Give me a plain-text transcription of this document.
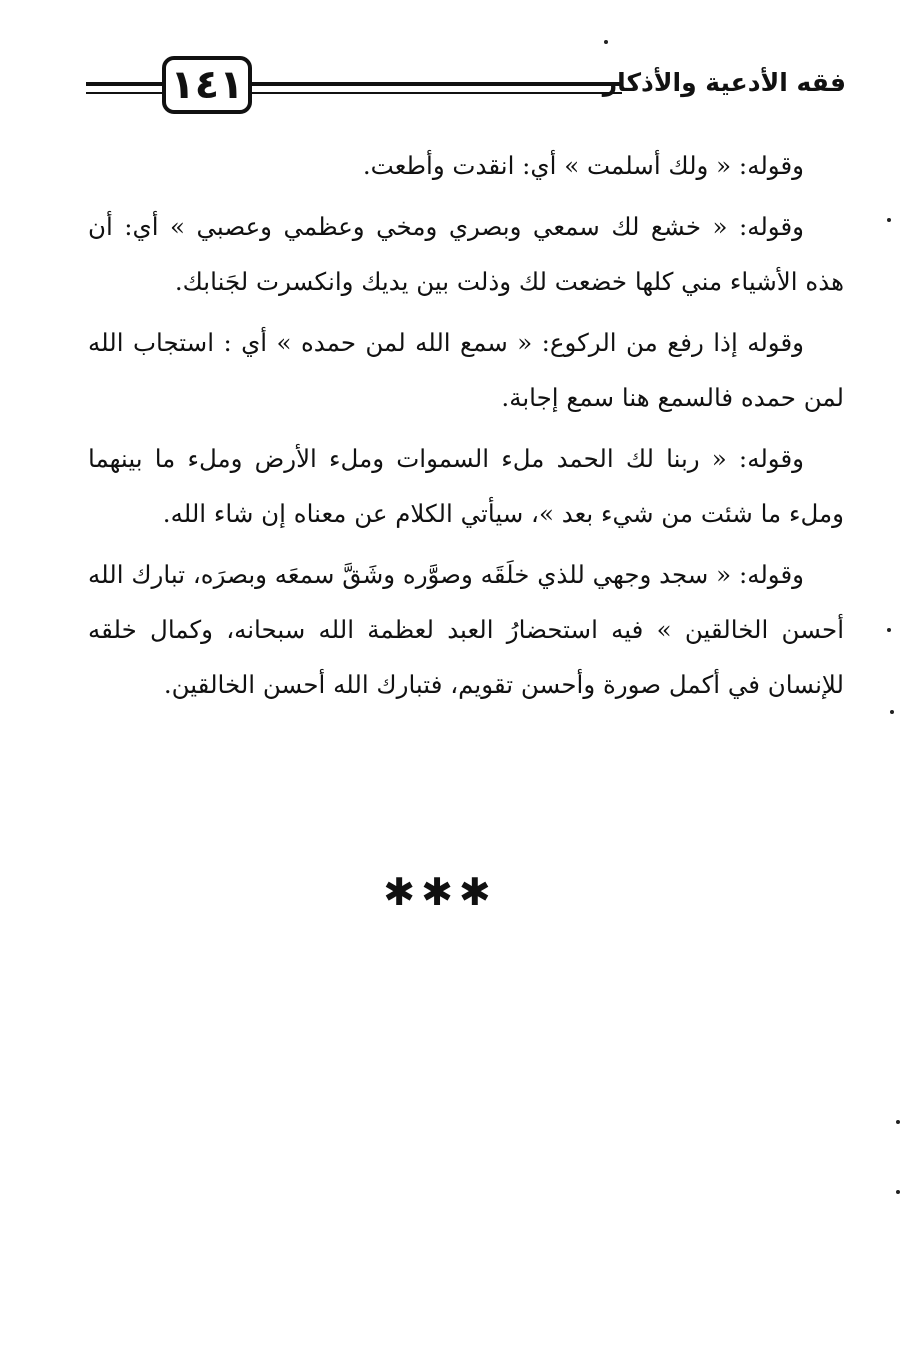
١٤١	فقه الأدعية والأذكار

وقوله: « ولك أسلمت » أي: انقدت وأطعت.

وقوله: « خشع لك سمعي وبصري ومخي وعظمي وعصبي » أي: أن هذه الأشياء مني كلها خضعت لك وذلت بين يديك وانكسرت لجَنابك.

وقوله إذا رفع من الركوع: « سمع الله لمن حمده » أي : استجاب الله لمن حمده فالسمع هنا سمع إجابة.

وقوله: « ربنا لك الحمد ملء السموات وملء الأرض وملء ما بينهما وملء ما شئت من شيء بعد »، سيأتي الكلام عن معناه إن شاء الله.

وقوله: « سجد وجهي للذي خلَقَه وصوَّره وشَقَّ سمعَه وبصرَه، تبارك الله أحسن الخالقين » فيه استحضارُ العبد لعظمة الله سبحانه، وكمال خلقه للإنسان في أكمل صورة وأحسن تقويم، فتبارك الله أحسن الخالقين.

✱✱✱
